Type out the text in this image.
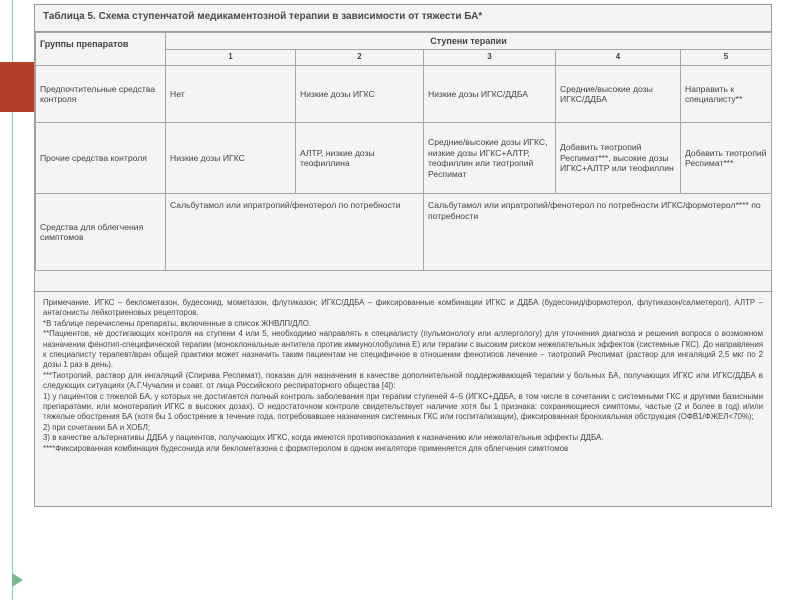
Таблица 5. Схема ступенчатой медикаментозной терапии в зависимости от тяжести БА*
Группы препаратов	Ступени терапии				
	1	2	3	4	5
Предпочтительные средства контроля	Нет	Низкие дозы ИГКС	Низкие дозы ИГКС/ДДБА	Средние/высокие дозы ИГКС/ДДБА	Направить к специалисту**
Прочие средства контроля	Низкие дозы ИГКС	АЛТР, низкие дозы теофиллина	Средние/высокие дозы ИГКС, низкие дозы ИГКС+АЛТР, теофиллин или тиотропий Респимат	Добавить тиотропий Респимат***, высокие дозы ИГКС+АЛТР или теофиллин	Добавить тиотропий Респимат***
Средства для облегчения симптомов	Сальбутамол или ипратропий/фенотерол по потребности		Сальбутамол или ипратропий/фенотерол по потребности ИГКС/формотерол**** по потребности		

Примечание. ИГКС – беклометазон, будесонид, мометазон, флутиказон; ИГКС/ДДБА – фиксированные комбинации ИГКС и ДДБА (будесонид/формотерол, флутиказон/салметерол), АЛТР – антагонисты лейкотриеновых рецепторов.

*В таблице перечислены препараты, включенные в список ЖНВЛП/ДЛО.

**Пациентов, не достигающих контроля на ступени 4 или 5, необходимо направлять к специалисту (пульмонологу или аллергологу) для уточнения диагноза и решения вопроса о возможном назначении фенотип-специфической терапии (моноклональные антитела против иммуноглобулина Е) или терапии с высоким риском нежелательных эффектов (системные ГКС). До направления к специалисту терапевт/врач общей практики может назначить таким пациентам не специфичное в отношении фенотипов лечение – тиотропий Респимат (раствор для ингаляций 2,5 мкг по 2 дозы 1 раз в день).

***Тиотропий, раствор для ингаляций (Спирива Респимат), показан для назначения в качестве дополнительной поддерживающей терапии у больных БА, получающих ИГКС или ИГКС/ДДБА в следующих ситуациях (А.Г.Чучалин и соавт. от лица Российского респираторного общества [4]):

1) у пациентов с тяжелой БА, у которых не достигается полный контроль заболевания при терапии ступеней 4–5 (ИГКС+ДДБА, в том числе в сочетании с системными ГКС и другими базисными препаратами, или монотерапия ИГКС в высоких дозах). О недостаточном контроле свидетельствует наличие хотя бы 1 признака: сохраняющиеся симптомы, частые (2 и более в год) и/или тяжелые обострения БА (хотя бы 1 обострение в течение года, потребовавшее назначения системных ГКС или госпитализации), фиксированная бронхиальная обструкция (ОФВ1/ФЖЕЛ<70%);

2) при сочетании БА и ХОБЛ;

3) в качестве альтернативы ДДБА у пациентов, получающих ИГКС, когда имеются противопоказания к назначению или нежелательные эффекты ДДБА.

****Фиксированная комбинация будесонида или беклометазона с формотеролом в одном ингаляторе применяется для облегчения симптомов
